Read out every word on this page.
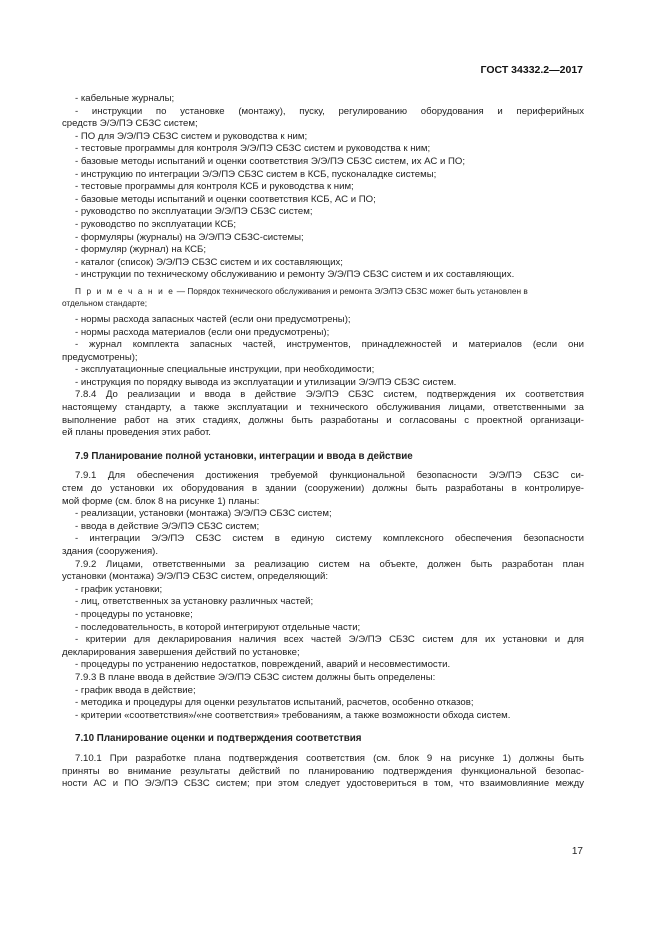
ГОСТ 34332.2—2017

- кабельные журналы;

- инструкции по установке (монтажу), пуску, регулированию оборудования и периферийных

средств Э/Э/ПЭ СБЗС систем;

- ПО для Э/Э/ПЭ СБЗС систем и руководства к ним;

- тестовые программы для контроля Э/Э/ПЭ СБЗС систем и руководства к ним;

- базовые методы испытаний и оценки соответствия Э/Э/ПЭ СБЗС систем, их АС и ПО;

- инструкцию по интеграции Э/Э/ПЭ СБЗС систем в КСБ, пусконаладке системы;

- тестовые программы для контроля КСБ и руководства к ним;

- базовые методы испытаний и оценки соответствия КСБ, АС и ПО;

- руководство по эксплуатации Э/Э/ПЭ СБЗС систем;

- руководство по эксплуатации КСБ;

- формуляры (журналы) на Э/Э/ПЭ СБЗС-системы;

- формуляр (журнал) на КСБ;

- каталог (список) Э/Э/ПЭ СБЗС систем и их составляющих;

- инструкции по техническому обслуживанию и ремонту Э/Э/ПЭ СБЗС систем и их составляющих.

П р и м е ч а н и е — Порядок технического обслуживания и ремонта Э/Э/ПЭ СБЗС может быть установлен в

отдельном стандарте;

- нормы расхода запасных частей (если они предусмотрены);

- нормы расхода материалов (если они предусмотрены);

- журнал комплекта запасных частей, инструментов, принадлежностей и материалов (если они

предусмотрены);

- эксплуатационные специальные инструкции, при необходимости;

- инструкция по порядку вывода из эксплуатации и утилизации Э/Э/ПЭ СБЗС систем.

7.8.4 До реализации и ввода в действие Э/Э/ПЭ СБЗС систем, подтверждения их соответствия

настоящему стандарту, а также эксплуатации и технического обслуживания лицами, ответственными за

выполнение работ на этих стадиях, должны быть разработаны и согласованы с проектной организаци-

ей планы проведения этих работ.

7.9 Планирование полной установки, интеграции и ввода в действие

7.9.1 Для обеспечения достижения требуемой функциональной безопасности Э/Э/ПЭ СБЗС си-

стем до установки их оборудования в здании (сооружении) должны быть разработаны в контролируе-

мой форме (см. блок 8 на рисунке 1) планы:

- реализации, установки (монтажа) Э/Э/ПЭ СБЗС систем;

- ввода в действие Э/Э/ПЭ СБЗС систем;

- интеграции Э/Э/ПЭ СБЗС систем в единую систему комплексного обеспечения безопасности

здания (сооружения).

7.9.2 Лицами, ответственными за реализацию систем на объекте, должен быть разработан план

установки (монтажа) Э/Э/ПЭ СБЗС систем, определяющий:

- график установки;

- лиц, ответственных за установку различных частей;

- процедуры по установке;

- последовательность, в которой интегрируют отдельные части;

- критерии для декларирования наличия всех частей Э/Э/ПЭ СБЗС систем для их установки и для

декларирования завершения действий по установке;

- процедуры по устранению недостатков, повреждений, аварий и несовместимости.

7.9.3 В плане ввода в действие Э/Э/ПЭ СБЗС систем должны быть определены:

- график ввода в действие;

- методика и процедуры для оценки результатов испытаний, расчетов, особенно отказов;

- критерии «соответствия»/«не соответствия» требованиям, а также возможности обхода систем.

7.10 Планирование оценки и подтверждения соответствия

7.10.1 При разработке плана подтверждения соответствия (см. блок 9 на рисунке 1) должны быть

приняты во внимание результаты действий по планированию подтверждения функциональной безопас-

ности АС и ПО Э/Э/ПЭ СБЗС систем; при этом следует удостовериться в том, что взаимовлияние между

17
